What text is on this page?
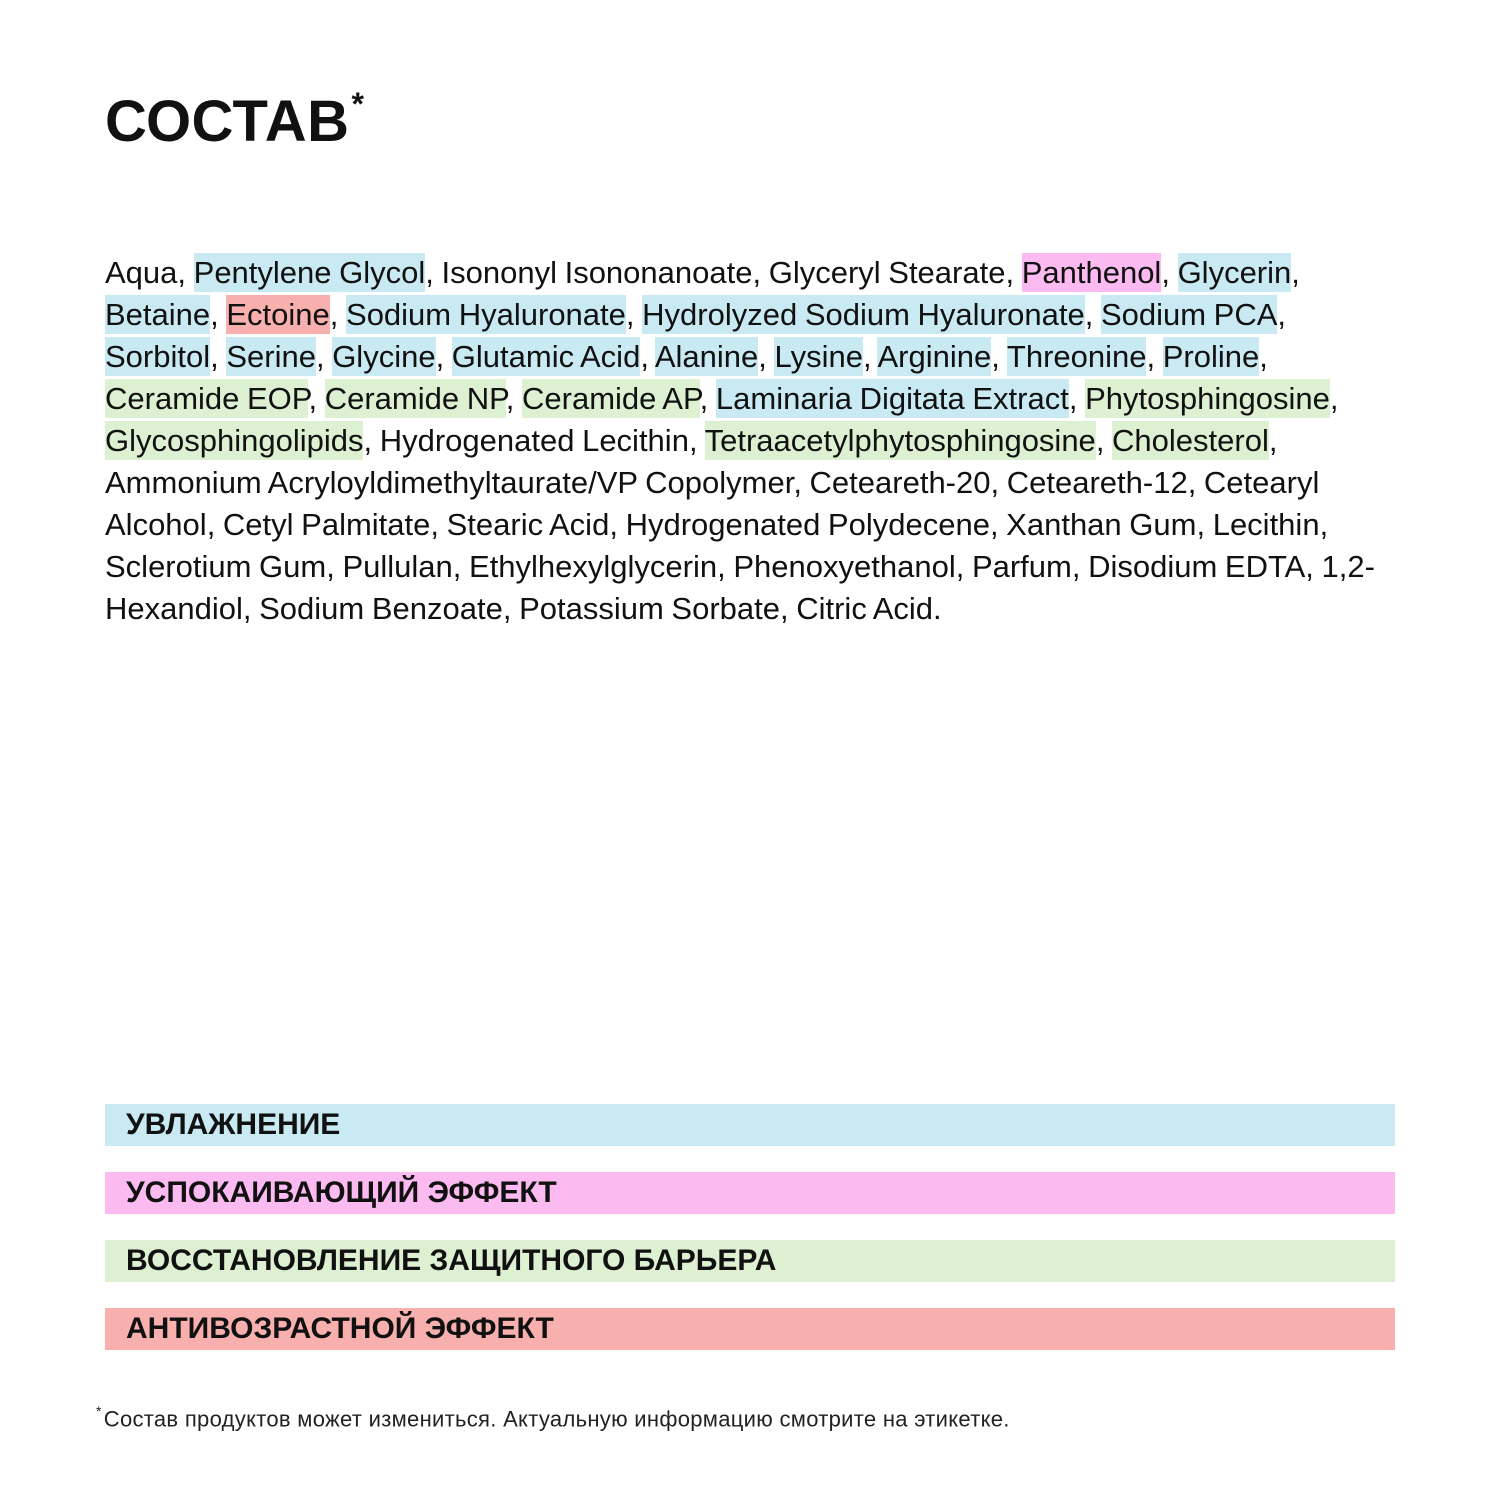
СОСТАВ*

Aqua, Pentylene Glycol, Isononyl Isononanoate, Glyceryl Stearate, Panthenol, Glycerin, Betaine, Ectoine, Sodium Hyaluronate, Hydrolyzed Sodium Hyaluronate, Sodium PCA, Sorbitol, Serine, Glycine, Glutamic Acid, Alanine, Lysine, Arginine, Threonine, Proline, Ceramide EOP, Ceramide NP, Ceramide AP, Laminaria Digitata Extract, Phytosphingosine, Glycosphingolipids, Hydrogenated Lecithin, Tetraacetylphytosphingosine, Cholesterol, Ammonium Acryloyldimethyltaurate/VP Copolymer, Ceteareth-20, Ceteareth-12, Cetearyl Alcohol, Cetyl Palmitate, Stearic Acid, Hydrogenated Polydecene, Xanthan Gum, Lecithin, Sclerotium Gum, Pullulan, Ethylhexylglycerin, Phenoxyethanol, Parfum, Disodium EDTA, 1,2-Hexandiol, Sodium Benzoate, Potassium Sorbate, Citric Acid.

УВЛАЖНЕНИЕ
УСПОКАИВАЮЩИЙ ЭФФЕКТ
ВОССТАНОВЛЕНИЕ ЗАЩИТНОГО БАРЬЕРА
АНТИВОЗРАСТНОЙ ЭФФЕКТ

*Состав продуктов может измениться. Актуальную информацию смотрите на этикетке.
